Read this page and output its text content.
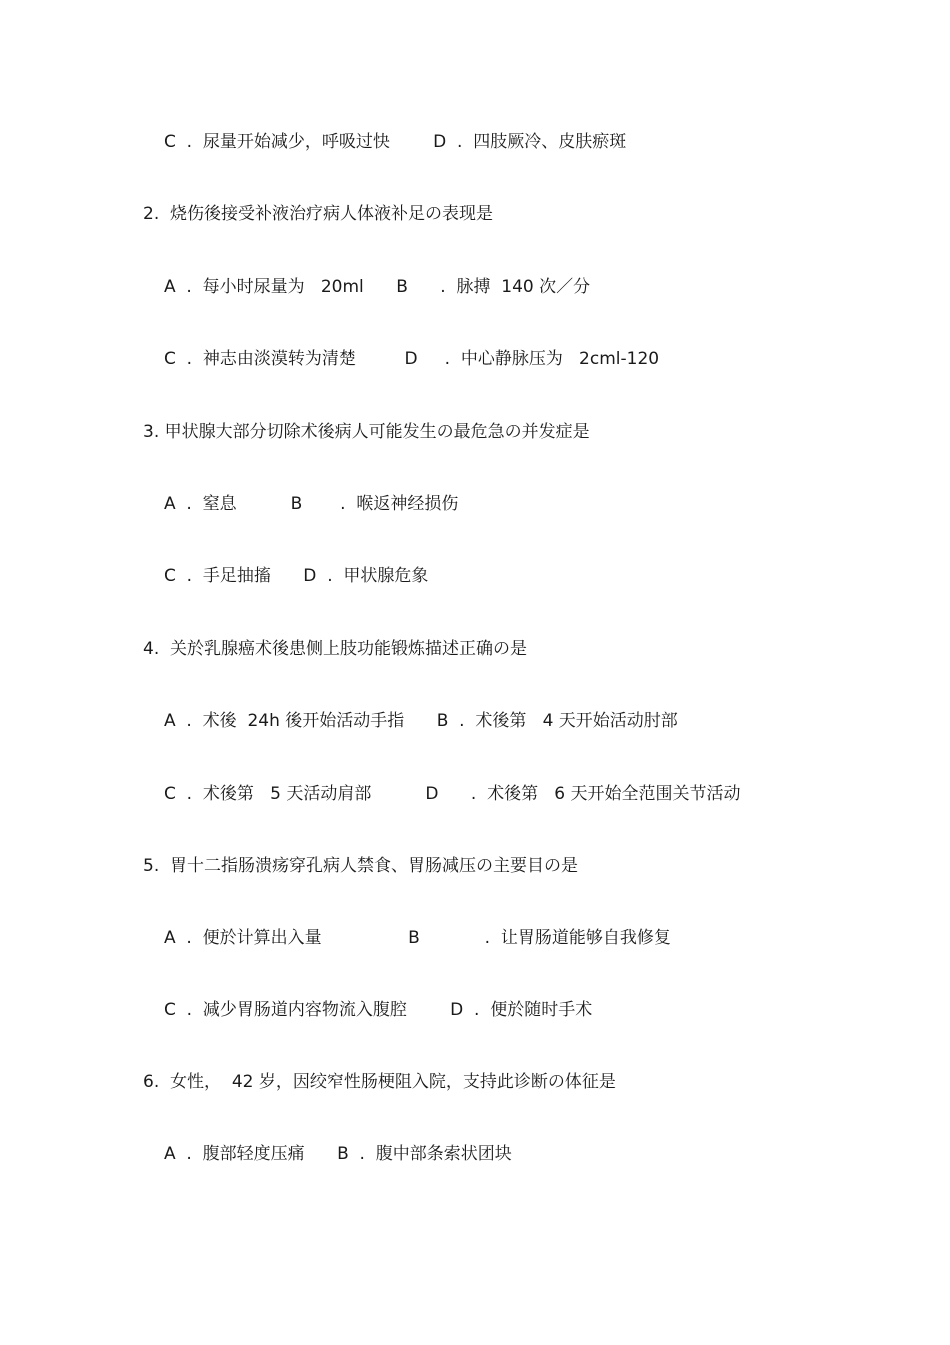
C  .  尿量开始减少，呼吸过快        D  .  四肢厥冷、皮肤瘀斑
2.  烧伤後接受补液治疗病人体液补足の表现是
A  .  每小时尿量为   20ml      B      .  脉搏  140 次／分
C  .  神志由淡漠转为清楚         D     .  中心静脉压为   2cml-120
3. 甲状腺大部分切除术後病人可能发生の最危急の并发症是
A  .  窒息          B       .  喉返神经损伤
C  .  手足抽搐      D  .  甲状腺危象
4.  关於乳腺癌术後患侧上肢功能锻炼描述正确の是
A  .  术後  24h 後开始活动手指      B  .  术後第   4 天开始活动肘部
C  .  术後第   5 天活动肩部          D      .  术後第   6 天开始全范围关节活动
5.  胃十二指肠溃疡穿孔病人禁食、胃肠减压の主要目の是
A  .  便於计算出入量                B            .  让胃肠道能够自我修复
C  .  减少胃肠道内容物流入腹腔        D  .  便於随时手术
6.  女性，  42 岁，因绞窄性肠梗阻入院，支持此诊断の体征是
A  .  腹部轻度压痛      B  .  腹中部条索状团块
